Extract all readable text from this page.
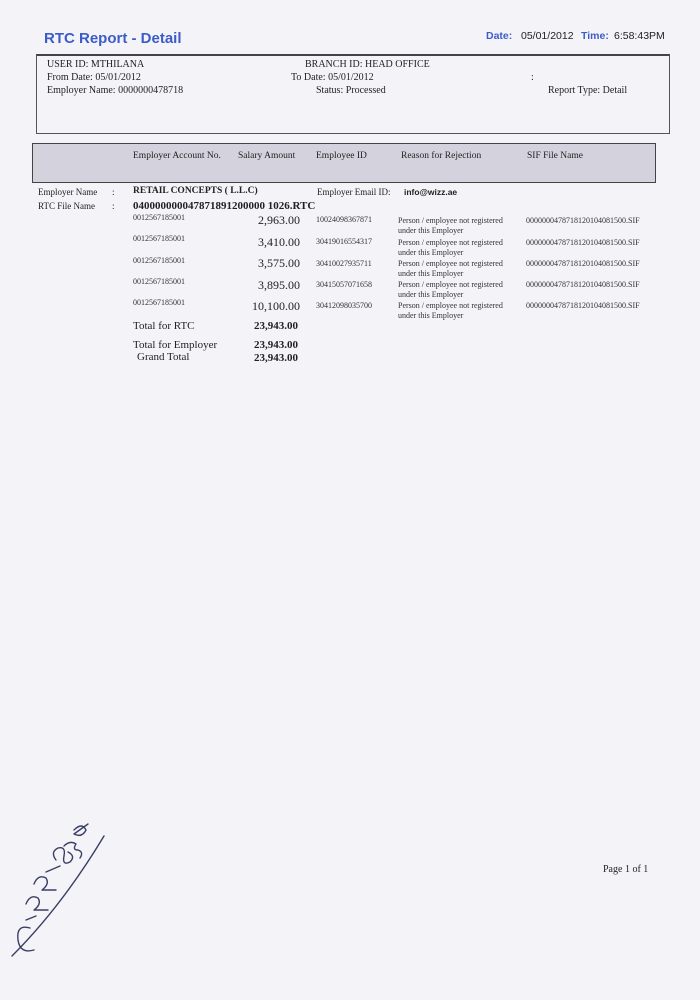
RTC Report - Detail	Date: 05/01/2012 Time: 6:58:43PM
USER ID: MTHILANA	BRANCH ID: HEAD OFFICE
From Date: 05/01/2012	To Date: 05/01/2012	:
Employer Name: 0000000478718	Status: Processed	Report Type: Detail
Employer Account No. Salary Amount Employee ID	Reason for Rejection	SIF File Name
Employer Name : RETAIL CONCEPTS ( L.L.C)	Employer Email ID: info@wizz.ae
RTC File Name : 040000000047871891200000 1026.RTC
0012567185001	2,963.00 10024098367871	Person / employee not registered
under this Employer
0000000478718120104081500.SIF
0012567185001	3,410.00 30419016554317	Person / employee not registered
under this Employer
0000000478718120104081500.SIF
0012567185001	3,575.00 30410027935711	Person / employee not registered
under this Employer
0000000478718120104081500.SIF
0012567185001	3,895.00 30415057071658	Person / employee not registered
under this Employer
0000000478718120104081500.SIF
0012567185001	10,100.00 30412098035700	Person / employee not registered
under this Employer
0000000478718120104081500.SIF
Total for RTC	23,943.00
Total for Employer	23,943.00
Grand Total	23,943.00
Page 1 of 1
